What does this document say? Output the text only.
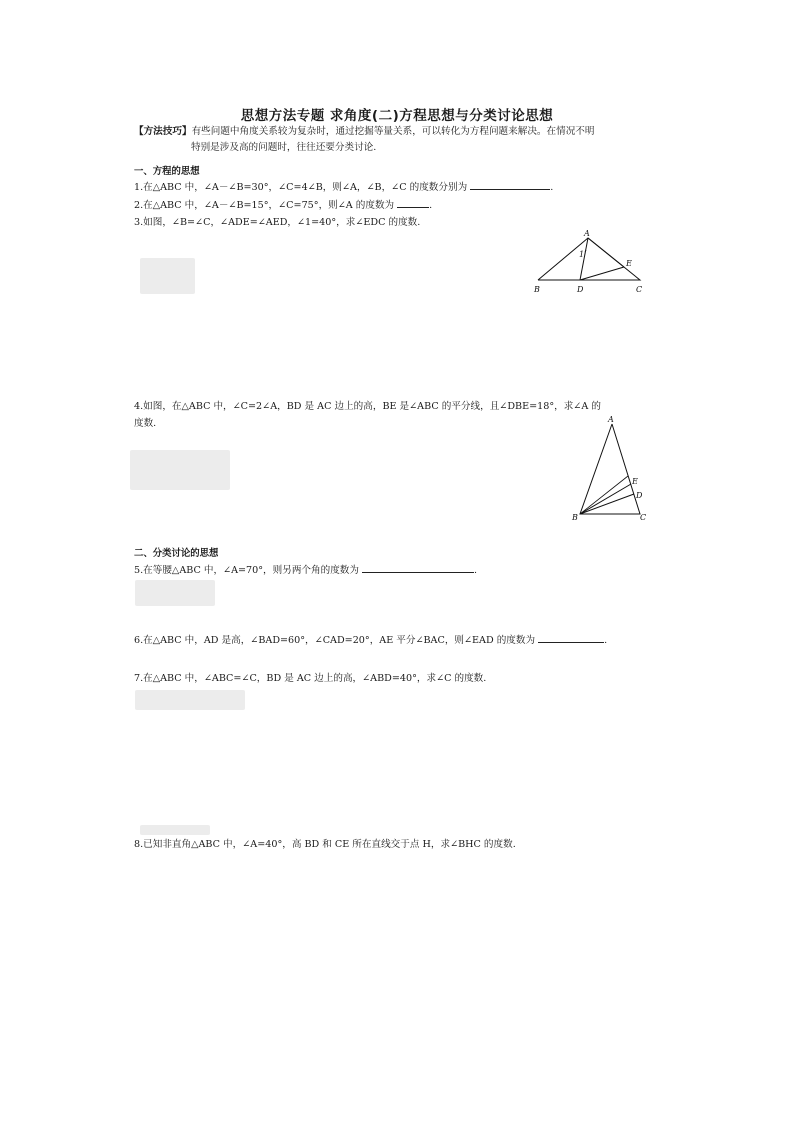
思想方法专题 求角度(二)方程思想与分类讨论思想
【方法技巧】有些问题中角度关系较为复杂时，通过挖掘等量关系，可以转化为方程问题来解决。在情况不明
特别是涉及高的问题时，往往还要分类讨论.
一、方程的思想
1.在△ABC 中，∠A－∠B=30°，∠C=4∠B，则∠A，∠B，∠C 的度数分别为	.
2.在△ABC 中，∠A－∠B=15°，∠C=75°，则∠A 的度数为	.
3.如图，∠B=∠C，∠ADE=∠AED，∠1=40°，求∠EDC 的度数.
A
B	C
D
E
1
4.如图，在△ABC 中，∠C=2∠A，BD 是 AC 边上的高，BE 是∠ABC 的平分线，且∠DBE=18°，求∠A 的
度数.	A
B	C
D
E
二、分类讨论的思想
5.在等腰△ABC 中，∠A=70°，则另两个角的度数为	.
6.在△ABC 中，AD 是高，∠BAD=60°，∠CAD=20°，AE 平分∠BAC，则∠EAD 的度数为	.
7.在△ABC 中，∠ABC=∠C，BD 是 AC 边上的高，∠ABD=40°，求∠C 的度数.
8.已知非直角△ABC 中，∠A=40°，高 BD 和 CE 所在直线交于点 H，求∠BHC 的度数.
